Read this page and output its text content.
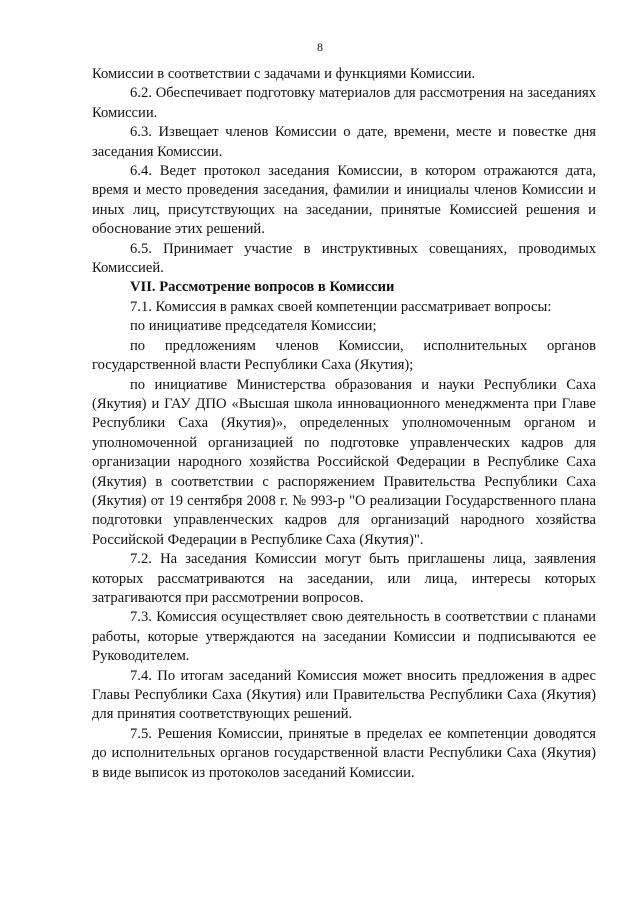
8

Комиссии в соответствии с задачами и функциями Комиссии.

6.2. Обеспечивает подготовку материалов для рассмотрения на заседаниях Комиссии.

6.3. Извещает членов Комиссии о дате, времени, месте и повестке дня заседания Комиссии.

6.4. Ведет протокол заседания Комиссии, в котором отражаются дата, время и место проведения заседания, фамилии и инициалы членов Комиссии и иных лиц, присутствующих на заседании, принятые Комиссией решения и обоснование этих решений.

6.5. Принимает участие в инструктивных совещаниях, проводимых Комиссией.

VII. Рассмотрение вопросов в Комиссии

7.1. Комиссия в рамках своей компетенции рассматривает вопросы:

по инициативе председателя Комиссии;

по предложениям членов Комиссии, исполнительных органов государственной власти Республики Саха (Якутия);

по инициативе Министерства образования и науки Республики Саха (Якутия) и ГАУ ДПО «Высшая школа инновационного менеджмента при Главе Республики Саха (Якутия)», определенных уполномоченным органом и уполномоченной организацией по подготовке управленческих кадров для организации народного хозяйства Российской Федерации в Республике Саха (Якутия) в соответствии с распоряжением Правительства Республики Саха (Якутия) от 19 сентября 2008 г. № 993-р "О реализации Государственного плана подготовки управленческих кадров для организаций народного хозяйства Российской Федерации в Республике Саха (Якутия)".

7.2. На заседания Комиссии могут быть приглашены лица, заявления которых рассматриваются на заседании, или лица, интересы которых затрагиваются при рассмотрении вопросов.

7.3. Комиссия осуществляет свою деятельность в соответствии с планами работы, которые утверждаются на заседании Комиссии и подписываются ее Руководителем.

7.4. По итогам заседаний Комиссия может вносить предложения в адрес Главы Республики Саха (Якутия) или Правительства Республики Саха (Якутия) для принятия соответствующих решений.

7.5. Решения Комиссии, принятые в пределах ее компетенции доводятся до исполнительных органов государственной власти Республики Саха (Якутия) в виде выписок из протоколов заседаний Комиссии.
